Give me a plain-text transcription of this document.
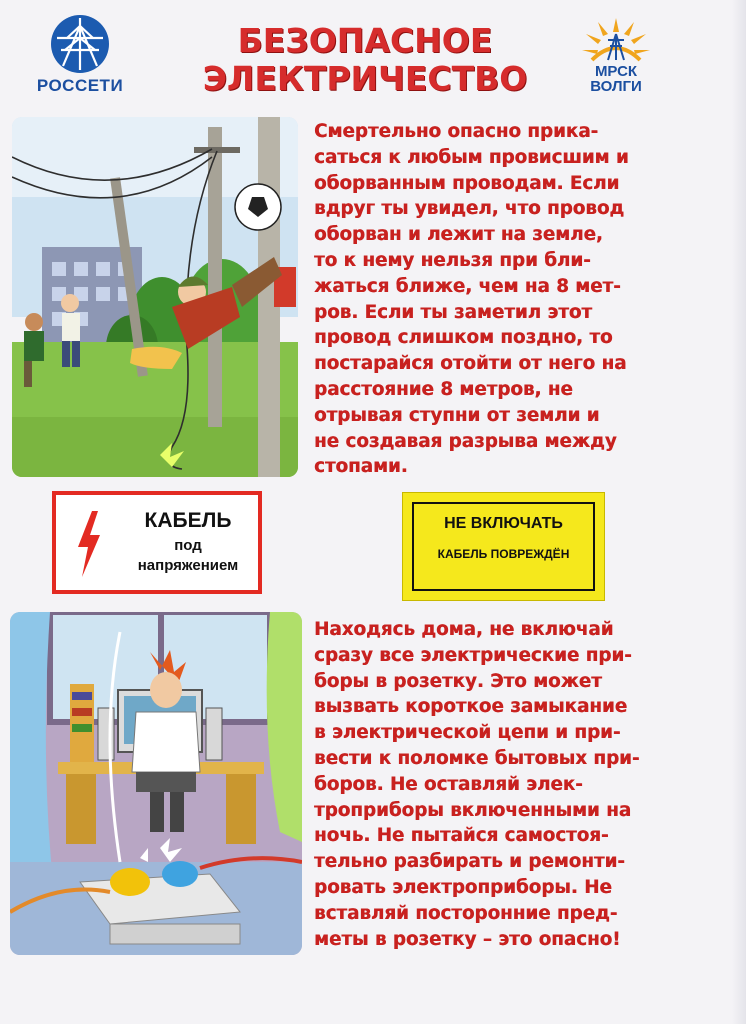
РОССЕТИ
БЕЗОПАСНОЕ
ЭЛЕКТРИЧЕСТВО	МРСК
ВОЛГИ
Смертельно опасно прика-
саться к любым провисшим и
оборванным проводам. Если
вдруг ты увидел, что провод
оборван и лежит на земле,
то к нему нельзя при бли-
жаться ближе, чем на 8 мет-
ров. Если ты заметил этот
провод слишком поздно, то
постарайся отойти от него на
расстояние 8 метров, не
отрывая ступни от земли и
не создавая разрыва между
стопами.
КАБЕЛЬ
под
напряжением
НЕ ВКЛЮЧАТЬ
КАБЕЛЬ ПОВРЕЖДЁН
Находясь дома, не включай
сразу все электрические при-
боры в розетку. Это может
вызвать короткое замыкание
в электрической цепи и при-
вести к поломке бытовых при-
боров. Не оставляй элек-
троприборы включенными на
ночь. Не пытайся самостоя-
тельно разбирать и ремонти-
ровать электроприборы. Не
вставляй посторонние пред-
меты в розетку – это опасно!
